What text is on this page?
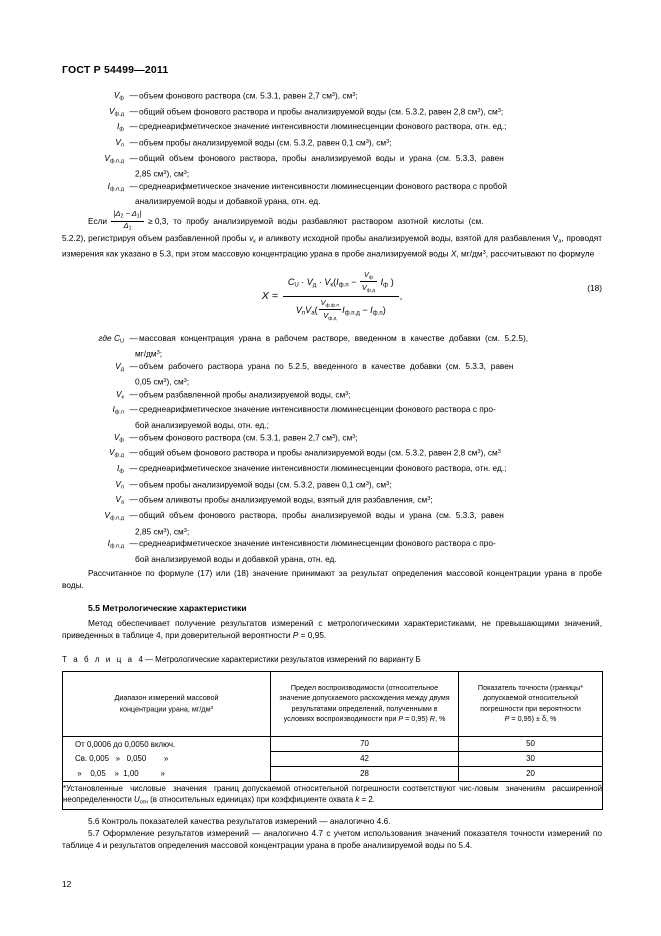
ГОСТ Р 54499—2011
$V_ф$ — объем фонового раствора (см. 5.3.1, равен 2,7 $см^3$), $см^3$;
$V_{ф.д}$ — общий объем фонового раствора и пробы анализируемой воды (см. 5.3.2, равен 2,8 $см^3$), $см^3$;
$I_ф$ — среднеарифметическое значение интенсивности люминесценции фонового раствора, отн. ед.;
$V_п$ — объем пробы анализируемой воды (см. 5.3.2, равен 0,1 $см^3$), $см^3$;
$V_{ф.п.д}$ — общий  объем  фонового  раствора,  пробы  анализируемой  воды  и  урана  (см.  5.3.3,  равен
2,85 $см^3$), $см^3$;
$I_{ф.п.д}$ — среднеарифметическое значение интенсивности люминесценции фонового раствора с пробой
анализируемой воды и добавкой урана, отн. ед.
Если $\frac{|\Delta_2 - \Delta_1|}{\Delta_1} \ge 0,3$,  то  пробу  анализируемой  воды  разбавляют  раствором  азотной  кислоты  (см.
5.2.2), регистрируя объем разбавленной пробы $v_к$ и аликвоту исходной пробы анализируемой воды, взятой для разбавления $V_а$, проводят измерения как указано в 5.3, при этом массовую концентрацию урана в пробе анализируемой воды X, $мг/дм^3$, рассчитывают по формуле
X =
$C_U \cdot V_д \cdot V_к(I_{ф.п}$ −
$V_ф$
$V_{ф.д}$
$I_ф$ )
$V_пV_а$(
$V_{ф.ф.п}$
$V_{ф.д}$
$I_{ф.п.д} - I_{ф.п}$)
,
(18)
где $C_U$ — массовая  концентрация  урана  в  рабочем  растворе,  введенном  в  качестве  добавки  (см.  5.2.5),
$мг/дм^3$;
$V_д$ — объем  рабочего  раствора  урана  по  5.2.5,  введенного  в  качестве  добавки  (см.  5.3.3,  равен
0,05 $см^3$), $см^3$;
$V_к$ — объем разбавленной пробы анализируемой воды, $см^3$;
$I_{ф.п}$ — среднеарифметическое значение интенсивности люминесценции фонового раствора с про-
бой анализируемой воды, отн. ед.;
$V_ф$ — объем фонового раствора (см. 5.3.1, равен 2,7 $см^3$), $см^3$;
$V_{ф.д}$ — общий объем фонового раствора и пробы анализируемой воды (см. 5.3.2, равен 2,8 $см^3$), $см^3$
$I_ф$ — среднеарифметическое значение интенсивности люминесценции фонового раствора, отн. ед.;
$V_п$ — объем пробы анализируемой воды (см. 5.3.2, равен 0,1 $см^3$), $см^3$;
$V_а$ — объем аликвоты пробы анализируемой воды, взятый для разбавления, $см^3$;
$V_{ф.п.д}$ — общий  объем  фонового  раствора,  пробы  анализируемой  воды  и  урана  (см.  5.3.3,  равен
2,85 $см^3$), $см^3$;
$I_{ф.п.д}$ — среднеарифметическое значение интенсивности люминесценции фонового раствора с про-
бой анализируемой воды и добавкой урана, отн. ед.
Рассчитанное по формуле (17) или (18) значение принимают за результат определения массовой концентрации урана в пробе воды.
5.5 Метрологические характеристики
Метод обеспечивает получение результатов измерений с метрологическими характеристиками, не превышающими значений, приведенных в таблице 4, при доверительной вероятности P = 0,95.
Т а б л и ц а  4 — Метрологические характеристики результатов измерений по варианту Б
Диапазон измерений массовой
концентрации урана, $мг/дм^3$	Предел воспроизводимости (относительное
значение допускаемого расхождения между двумя
результатами определений, полученными в
условиях воспроизводимости при P = 0,95) R, %	Показатель точности (границы*
допускаемой относительной
погрешности при вероятности
P = 0,95) ± δ, %
От 0,0006 до 0,0050 включ.	70	50
Св. 0,005   »   0,050        »	42	30
»    0,05    »  1,00          »	28	20
*Установленные  числовые  значения  границ допускаемой относительной погрешности соответствуют чис-ловым  значениям  расширенной неопределенности $U_{отн}$ (в относительных единицах) при коэффициенте охвата k = 2.		
5.6 Контроль показателей качества результатов измерений — аналогично 4.6.
5.7 Оформление результатов измерений — аналогично 4.7 с учетом использования значений показателя точности измерений по таблице 4 и результатов определения массовой концентрации урана в пробе анализируемой воды по 5.4.
12
